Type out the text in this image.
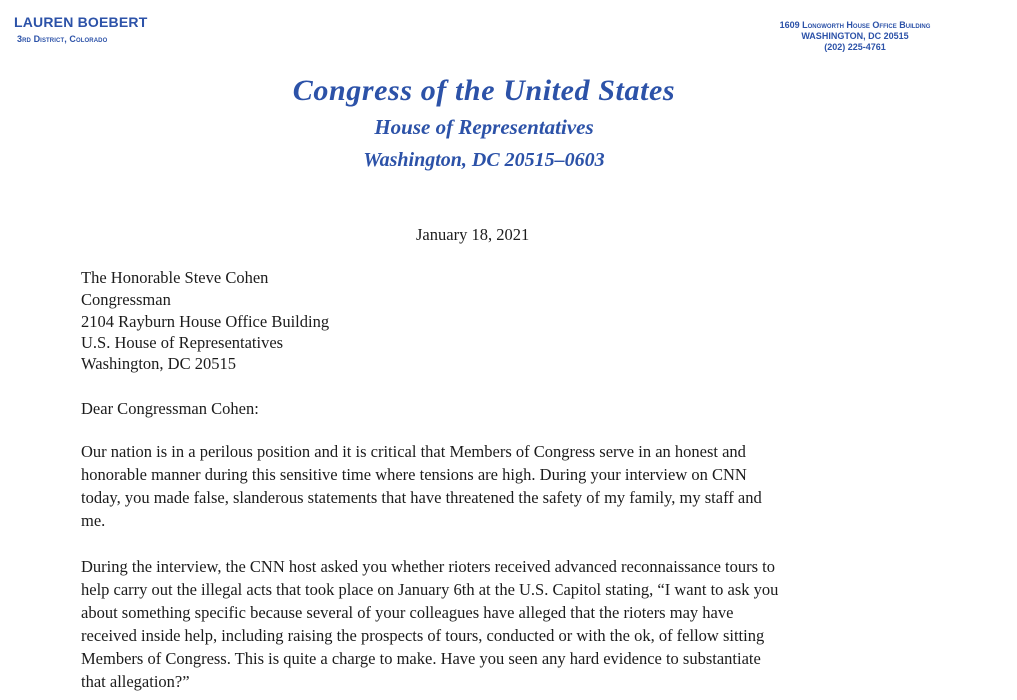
LAUREN BOEBERT
3rd District, Colorado
1609 Longworth House Office Building
WASHINGTON, DC 20515
(202) 225-4761
Congress of the United States
House of Representatives
Washington, DC 20515–0603
January 18, 2021
The Honorable Steve Cohen
Congressman
2104 Rayburn House Office Building
U.S. House of Representatives
Washington, DC 20515
Dear Congressman Cohen:
Our nation is in a perilous position and it is critical that Members of Congress serve in an honest and
honorable manner during this sensitive time where tensions are high. During your interview on CNN
today, you made false, slanderous statements that have threatened the safety of my family, my staff and
me.
During the interview, the CNN host asked you whether rioters received advanced reconnaissance tours to
help carry out the illegal acts that took place on January 6th at the U.S. Capitol stating, “I want to ask you
about something specific because several of your colleagues have alleged that the rioters may have
received inside help, including raising the prospects of tours, conducted or with the ok, of fellow sitting
Members of Congress. This is quite a charge to make. Have you seen any hard evidence to substantiate
that allegation?”
